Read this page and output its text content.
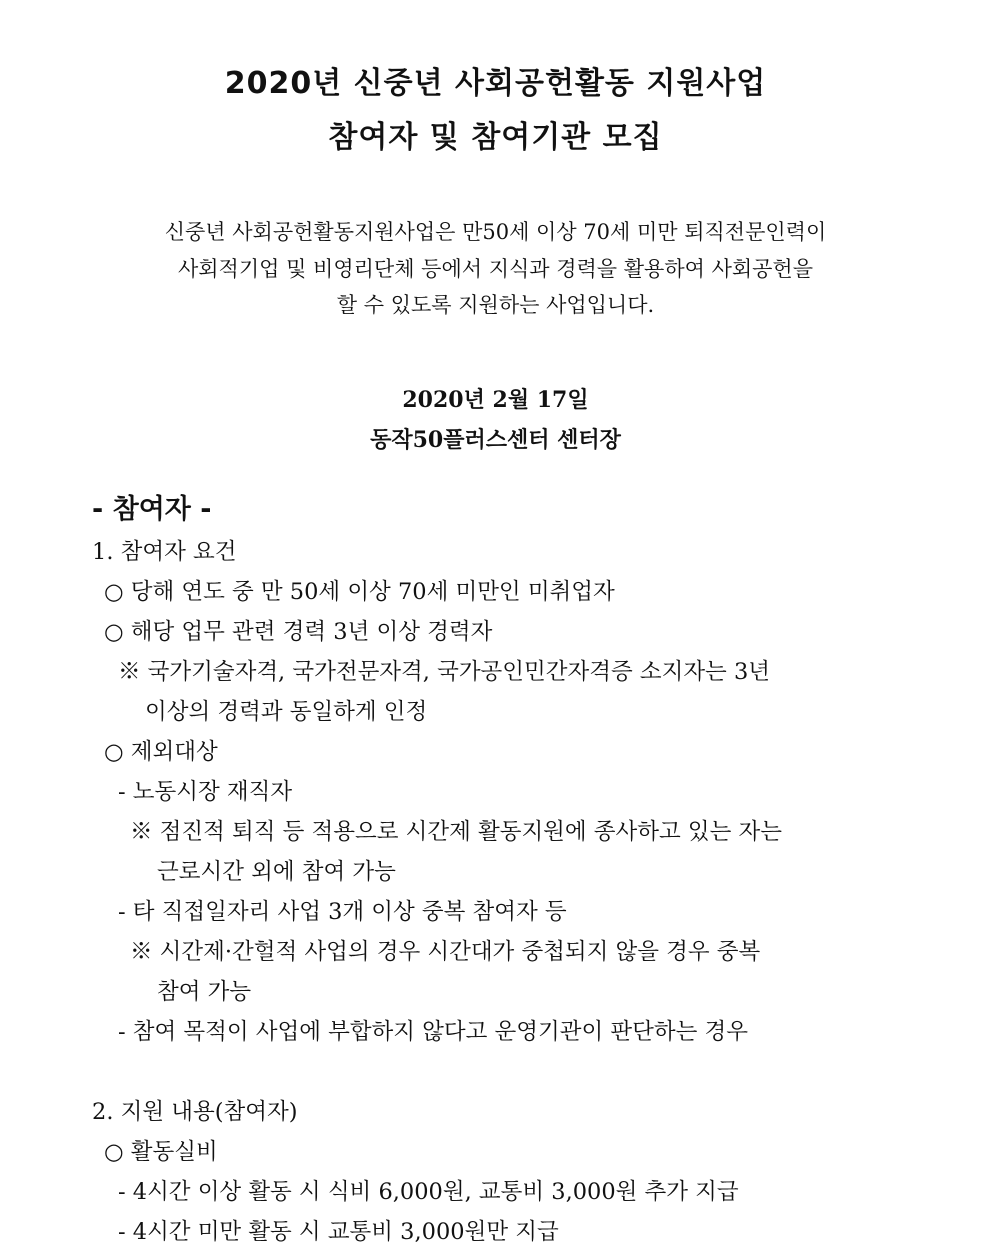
2020년 신중년 사회공헌활동 지원사업
참여자 및 참여기관 모집
신중년 사회공헌활동지원사업은 만50세 이상 70세 미만 퇴직전문인력이
사회적기업 및 비영리단체 등에서 지식과 경력을 활용하여 사회공헌을
할 수 있도록 지원하는 사업입니다.
2020년 2월 17일
동작50플러스센터 센터장
- 참여자 -
1. 참여자 요건
○ 당해 연도 중 만 50세 이상 70세 미만인 미취업자
○ 해당 업무 관련 경력 3년 이상 경력자
※ 국가기술자격, 국가전문자격, 국가공인민간자격증 소지자는 3년
이상의 경력과 동일하게 인정
○ 제외대상
- 노동시장 재직자
※ 점진적 퇴직 등 적용으로 시간제 활동지원에 종사하고 있는 자는
근로시간 외에 참여 가능
- 타 직접일자리 사업 3개 이상 중복 참여자 등
※ 시간제·간헐적 사업의 경우 시간대가 중첩되지 않을 경우 중복
참여 가능
- 참여 목적이 사업에 부합하지 않다고 운영기관이 판단하는 경우
2. 지원 내용(참여자)
○ 활동실비
- 4시간 이상 활동 시 식비 6,000원, 교통비 3,000원 추가 지급
- 4시간 미만 활동 시 교통비 3,000원만 지급
